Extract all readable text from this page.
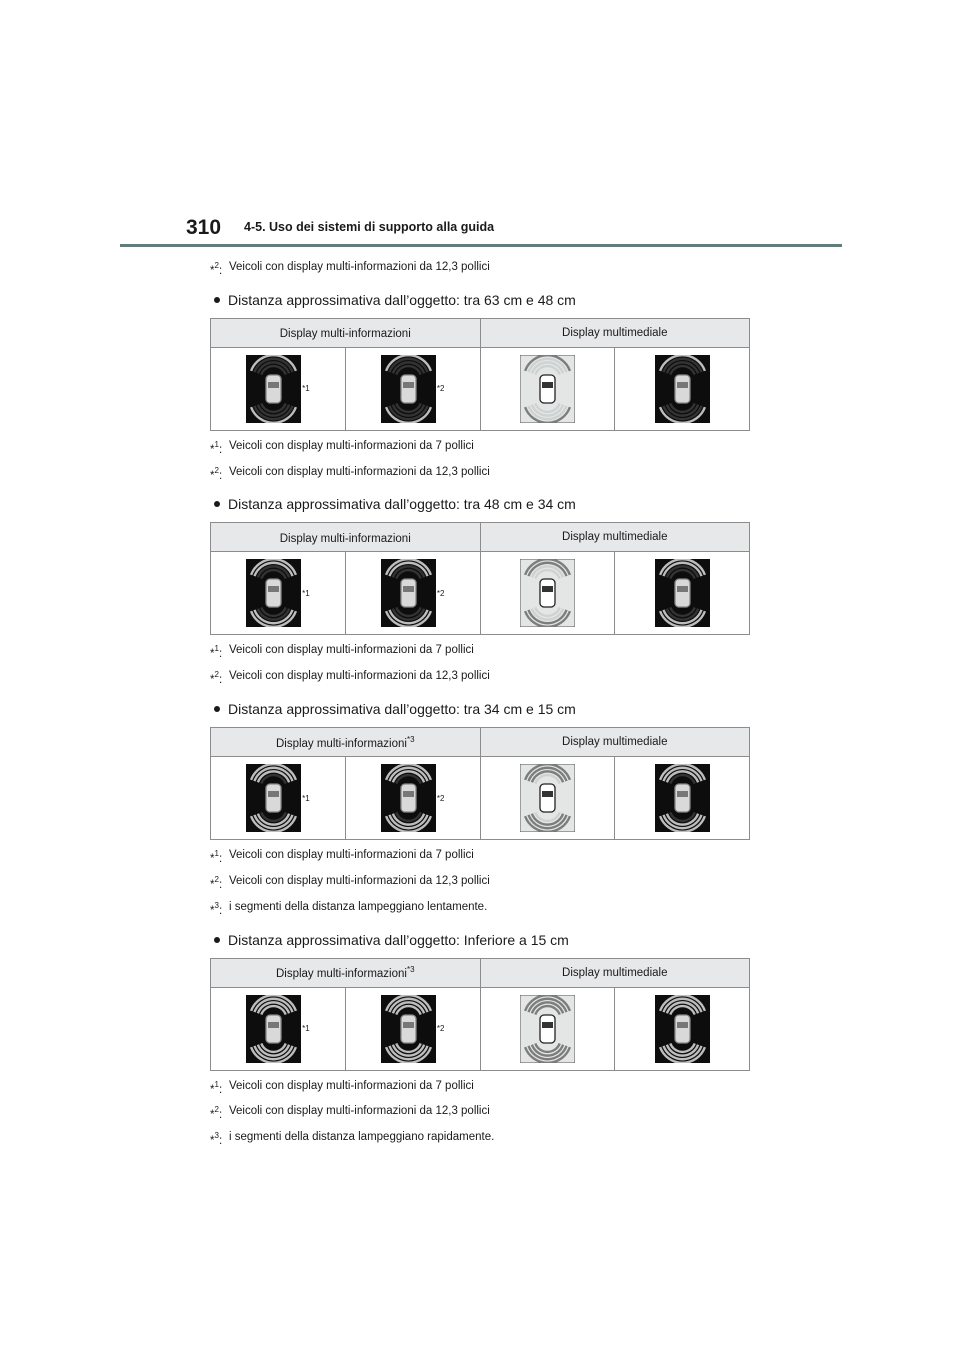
310 4-5. Uso dei sistemi di supporto alla guida
*$^2$: Veicoli con display multi-informazioni da 12,3 pollici
Distanza approssimativa dall’oggetto: tra 63 cm e 48 cm
Display multi-informazioni		Display multimediale	

*1	*2

*$^1$: Veicoli con display multi-informazioni da 7 pollici
*$^2$: Veicoli con display multi-informazioni da 12,3 pollici
Distanza approssimativa dall’oggetto: tra 48 cm e 34 cm
Display multi-informazioni		Display multimediale	

*1	*2

*$^1$: Veicoli con display multi-informazioni da 7 pollici
*$^2$: Veicoli con display multi-informazioni da 12,3 pollici
Distanza approssimativa dall’oggetto: tra 34 cm e 15 cm
Display multi-informazioni$^{*3}$		Display multimediale	

*1	*2

*$^1$: Veicoli con display multi-informazioni da 7 pollici
*$^2$: Veicoli con display multi-informazioni da 12,3 pollici
*$^3$: i segmenti della distanza lampeggiano lentamente.
Distanza approssimativa dall’oggetto: Inferiore a 15 cm
Display multi-informazioni$^{*3}$		Display multimediale	

*1	*2

*$^1$: Veicoli con display multi-informazioni da 7 pollici
*$^2$: Veicoli con display multi-informazioni da 12,3 pollici
*$^3$: i segmenti della distanza lampeggiano rapidamente.
